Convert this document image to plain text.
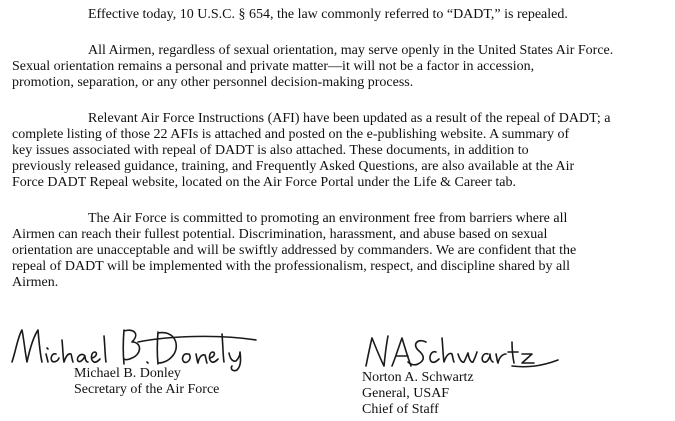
Effective today, 10 U.S.C. § 654, the law commonly referred to “DADT,” is repealed.
All Airmen, regardless of sexual orientation, may serve openly in the United States Air Force.
Sexual orientation remains a personal and private matter—it will not be a factor in accession,
promotion, separation, or any other personnel decision-making process.
Relevant Air Force Instructions (AFI) have been updated as a result of the repeal of DADT; a
complete listing of those 22 AFIs is attached and posted on the e-publishing website. A summary of
key issues associated with repeal of DADT is also attached. These documents, in addition to
previously released guidance, training, and Frequently Asked Questions, are also available at the Air
Force DADT Repeal website, located on the Air Force Portal under the Life & Career tab.
The Air Force is committed to promoting an environment free from barriers where all
Airmen can reach their fullest potential. Discrimination, harassment, and abuse based on sexual
orientation are unacceptable and will be swiftly addressed by commanders. We are confident that the
repeal of DADT will be implemented with the professionalism, respect, and discipline shared by all
Airmen.
Michael B. Donley
Secretary of the Air Force
Norton A. Schwartz
General, USAF
Chief of Staff
